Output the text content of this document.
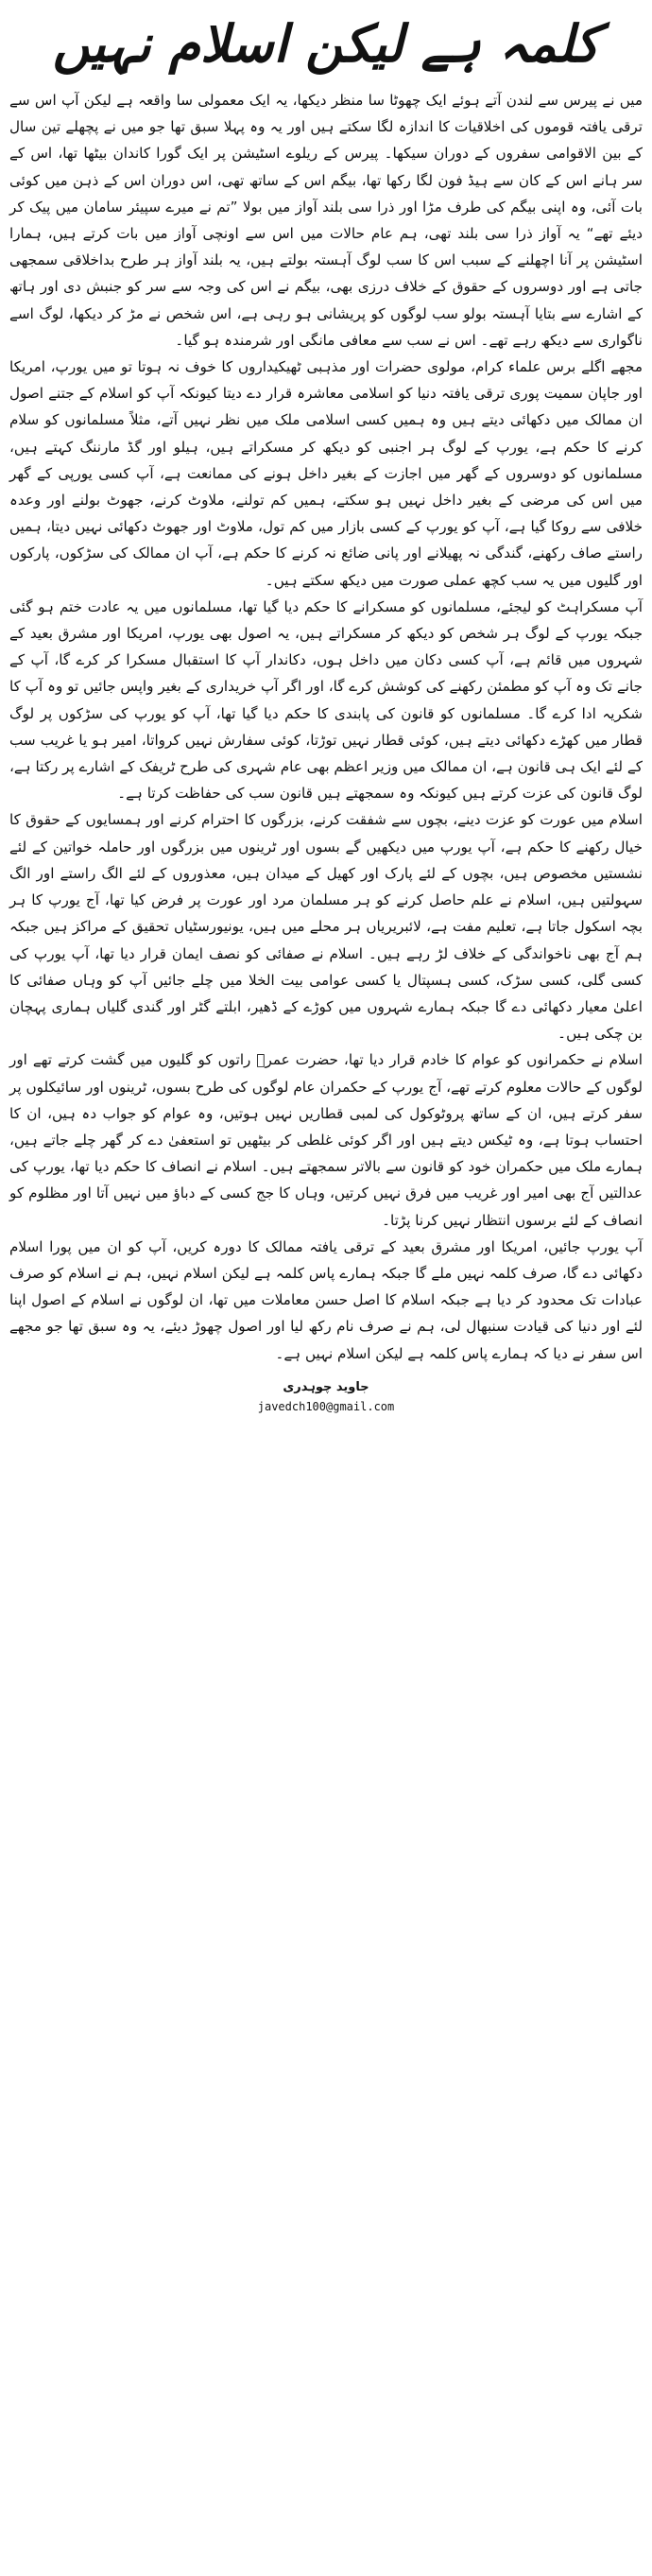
کلمہ ہے لیکن اسلام نہیں

میں نے پیرس سے لندن آتے ہوئے ایک چھوٹا سا منظر دیکھا، یہ ایک معمولی سا واقعہ ہے لیکن آپ اس سے ترقی یافتہ قوموں کی اخلاقیات کا اندازہ لگا سکتے ہیں اور یہ وہ پہلا سبق تھا جو میں نے پچھلے تین سال کے بین الاقوامی سفروں کے دوران سیکھا۔ پیرس کے ریلوے اسٹیشن پر ایک گورا کاندان بیٹھا تھا، اس کے سر ہانے اس کے کان سے ہیڈ فون لگا رکھا تھا، بیگم اس کے ساتھ تھی، اس دوران اس کے ذہن میں کوئی بات آئی، وہ اپنی بیگم کی طرف مڑا اور ذرا سی بلند آواز میں بولا ”تم نے میرے سپیئر سامان میں پیک کر دیئے تھے“ یہ آواز ذرا سی بلند تھی، ہم عام حالات میں اس سے اونچی آواز میں بات کرتے ہیں، ہمارا اسٹیشن پر آنا اچھلنے کے سبب اس کا سب لوگ آہستہ بولتے ہیں، یہ بلند آواز ہر طرح بداخلاقی سمجھی جاتی ہے اور دوسروں کے حقوق کے خلاف درزی بھی، بیگم نے اس کی وجہ سے سر کو جنبش دی اور ہاتھ کے اشارے سے بتایا آہستہ بولو سب لوگوں کو پریشانی ہو رہی ہے، اس شخص نے مڑ کر دیکھا، لوگ اسے ناگواری سے دیکھ رہے تھے۔ اس نے سب سے معافی مانگی اور شرمندہ ہو گیا۔

مجھے اگلے برس علماء کرام، مولوی حضرات اور مذہبی ٹھیکیداروں کا خوف نہ ہوتا تو میں یورپ، امریکا اور جاپان سمیت پوری ترقی یافتہ دنیا کو اسلامی معاشرہ قرار دے دیتا کیونکہ آپ کو اسلام کے جتنے اصول ان ممالک میں دکھائی دیتے ہیں وہ ہمیں کسی اسلامی ملک میں نظر نہیں آتے، مثلاً مسلمانوں کو سلام کرنے کا حکم ہے، یورپ کے لوگ ہر اجنبی کو دیکھ کر مسکراتے ہیں، ہیلو اور گڈ مارننگ کہتے ہیں، مسلمانوں کو دوسروں کے گھر میں اجازت کے بغیر داخل ہونے کی ممانعت ہے، آپ کسی یورپی کے گھر میں اس کی مرضی کے بغیر داخل نہیں ہو سکتے، ہمیں کم تولنے، ملاوٹ کرنے، جھوٹ بولنے اور وعدہ خلافی سے روکا گیا ہے، آپ کو یورپ کے کسی بازار میں کم تول، ملاوٹ اور جھوٹ دکھائی نہیں دیتا، ہمیں راستے صاف رکھنے، گندگی نہ پھیلانے اور پانی ضائع نہ کرنے کا حکم ہے، آپ ان ممالک کی سڑکوں، پارکوں اور گلیوں میں یہ سب کچھ عملی صورت میں دیکھ سکتے ہیں۔

آپ مسکراہٹ کو لیجئے، مسلمانوں کو مسکرانے کا حکم دیا گیا تھا، مسلمانوں میں یہ عادت ختم ہو گئی جبکہ یورپ کے لوگ ہر شخص کو دیکھ کر مسکراتے ہیں، یہ اصول بھی یورپ، امریکا اور مشرق بعید کے شہروں میں قائم ہے، آپ کسی دکان میں داخل ہوں، دکاندار آپ کا استقبال مسکرا کر کرے گا، آپ کے جانے تک وہ آپ کو مطمئن رکھنے کی کوشش کرے گا، اور اگر آپ خریداری کے بغیر واپس جائیں تو وہ آپ کا شکریہ ادا کرے گا۔ مسلمانوں کو قانون کی پابندی کا حکم دیا گیا تھا، آپ کو یورپ کی سڑکوں پر لوگ قطار میں کھڑے دکھائی دیتے ہیں، کوئی قطار نہیں توڑتا، کوئی سفارش نہیں کرواتا، امیر ہو یا غریب سب کے لئے ایک ہی قانون ہے، ان ممالک میں وزیر اعظم بھی عام شہری کی طرح ٹریفک کے اشارے پر رکتا ہے، لوگ قانون کی عزت کرتے ہیں کیونکہ وہ سمجھتے ہیں قانون سب کی حفاظت کرتا ہے۔

اسلام میں عورت کو عزت دینے، بچوں سے شفقت کرنے، بزرگوں کا احترام کرنے اور ہمسایوں کے حقوق کا خیال رکھنے کا حکم ہے، آپ یورپ میں دیکھیں گے بسوں اور ٹرینوں میں بزرگوں اور حاملہ خواتین کے لئے نشستیں مخصوص ہیں، بچوں کے لئے پارک اور کھیل کے میدان ہیں، معذوروں کے لئے الگ راستے اور الگ سہولتیں ہیں، اسلام نے علم حاصل کرنے کو ہر مسلمان مرد اور عورت پر فرض کیا تھا، آج یورپ کا ہر بچہ اسکول جاتا ہے، تعلیم مفت ہے، لائبریریاں ہر محلے میں ہیں، یونیورسٹیاں تحقیق کے مراکز ہیں جبکہ ہم آج بھی ناخواندگی کے خلاف لڑ رہے ہیں۔ اسلام نے صفائی کو نصف ایمان قرار دیا تھا، آپ یورپ کی کسی گلی، کسی سڑک، کسی ہسپتال یا کسی عوامی بیت الخلا میں چلے جائیں آپ کو وہاں صفائی کا اعلیٰ معیار دکھائی دے گا جبکہ ہمارے شہروں میں کوڑے کے ڈھیر، ابلتے گٹر اور گندی گلیاں ہماری پہچان بن چکی ہیں۔

اسلام نے حکمرانوں کو عوام کا خادم قرار دیا تھا، حضرت عمرؓ راتوں کو گلیوں میں گشت کرتے تھے اور لوگوں کے حالات معلوم کرتے تھے، آج یورپ کے حکمران عام لوگوں کی طرح بسوں، ٹرینوں اور سائیکلوں پر سفر کرتے ہیں، ان کے ساتھ پروٹوکول کی لمبی قطاریں نہیں ہوتیں، وہ عوام کو جواب دہ ہیں، ان کا احتساب ہوتا ہے، وہ ٹیکس دیتے ہیں اور اگر کوئی غلطی کر بیٹھیں تو استعفیٰ دے کر گھر چلے جاتے ہیں، ہمارے ملک میں حکمران خود کو قانون سے بالاتر سمجھتے ہیں۔ اسلام نے انصاف کا حکم دیا تھا، یورپ کی عدالتیں آج بھی امیر اور غریب میں فرق نہیں کرتیں، وہاں کا جج کسی کے دباؤ میں نہیں آتا اور مظلوم کو انصاف کے لئے برسوں انتظار نہیں کرنا پڑتا۔

آپ یورپ جائیں، امریکا اور مشرق بعید کے ترقی یافتہ ممالک کا دورہ کریں، آپ کو ان میں پورا اسلام دکھائی دے گا، صرف کلمہ نہیں ملے گا جبکہ ہمارے پاس کلمہ ہے لیکن اسلام نہیں، ہم نے اسلام کو صرف عبادات تک محدود کر دیا ہے جبکہ اسلام کا اصل حسن معاملات میں تھا، ان لوگوں نے اسلام کے اصول اپنا لئے اور دنیا کی قیادت سنبھال لی، ہم نے صرف نام رکھ لیا اور اصول چھوڑ دیئے، یہ وہ سبق تھا جو مجھے اس سفر نے دیا کہ ہمارے پاس کلمہ ہے لیکن اسلام نہیں ہے۔

جاوید چوہدری
javedch100@gmail.com
